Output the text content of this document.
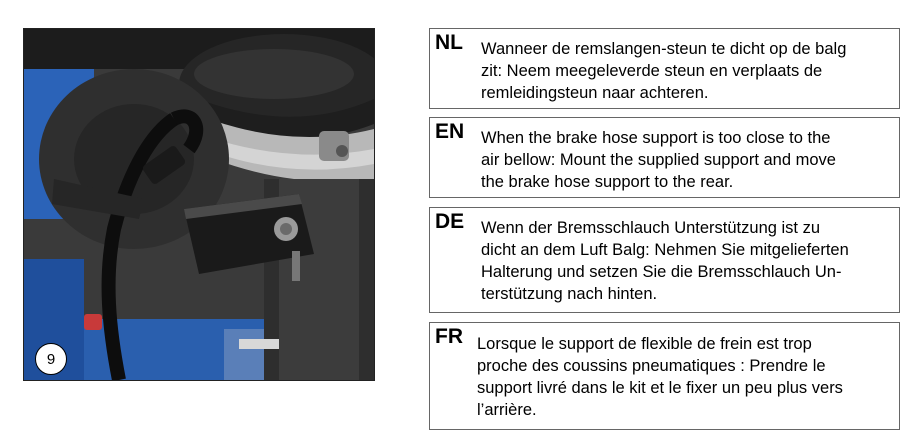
9
NL Wanneer de remslangen-steun te dicht op de balg
zit: Neem meegeleverde steun en verplaats de
remleidingsteun naar achteren.
EN When the brake hose support is too close to the
air bellow: Mount the supplied support and move
the brake hose support to the rear.
DE Wenn der Bremsschlauch Unterstützung ist zu
dicht an dem Luft Balg: Nehmen Sie mitgelieferten
Halterung und setzen Sie die Bremsschlauch Un-
terstützung nach hinten.
FR Lorsque le support de flexible de frein est trop
proche des coussins pneumatiques : Prendre le
support livré dans le kit et le fixer un peu plus vers
l’arrière.
